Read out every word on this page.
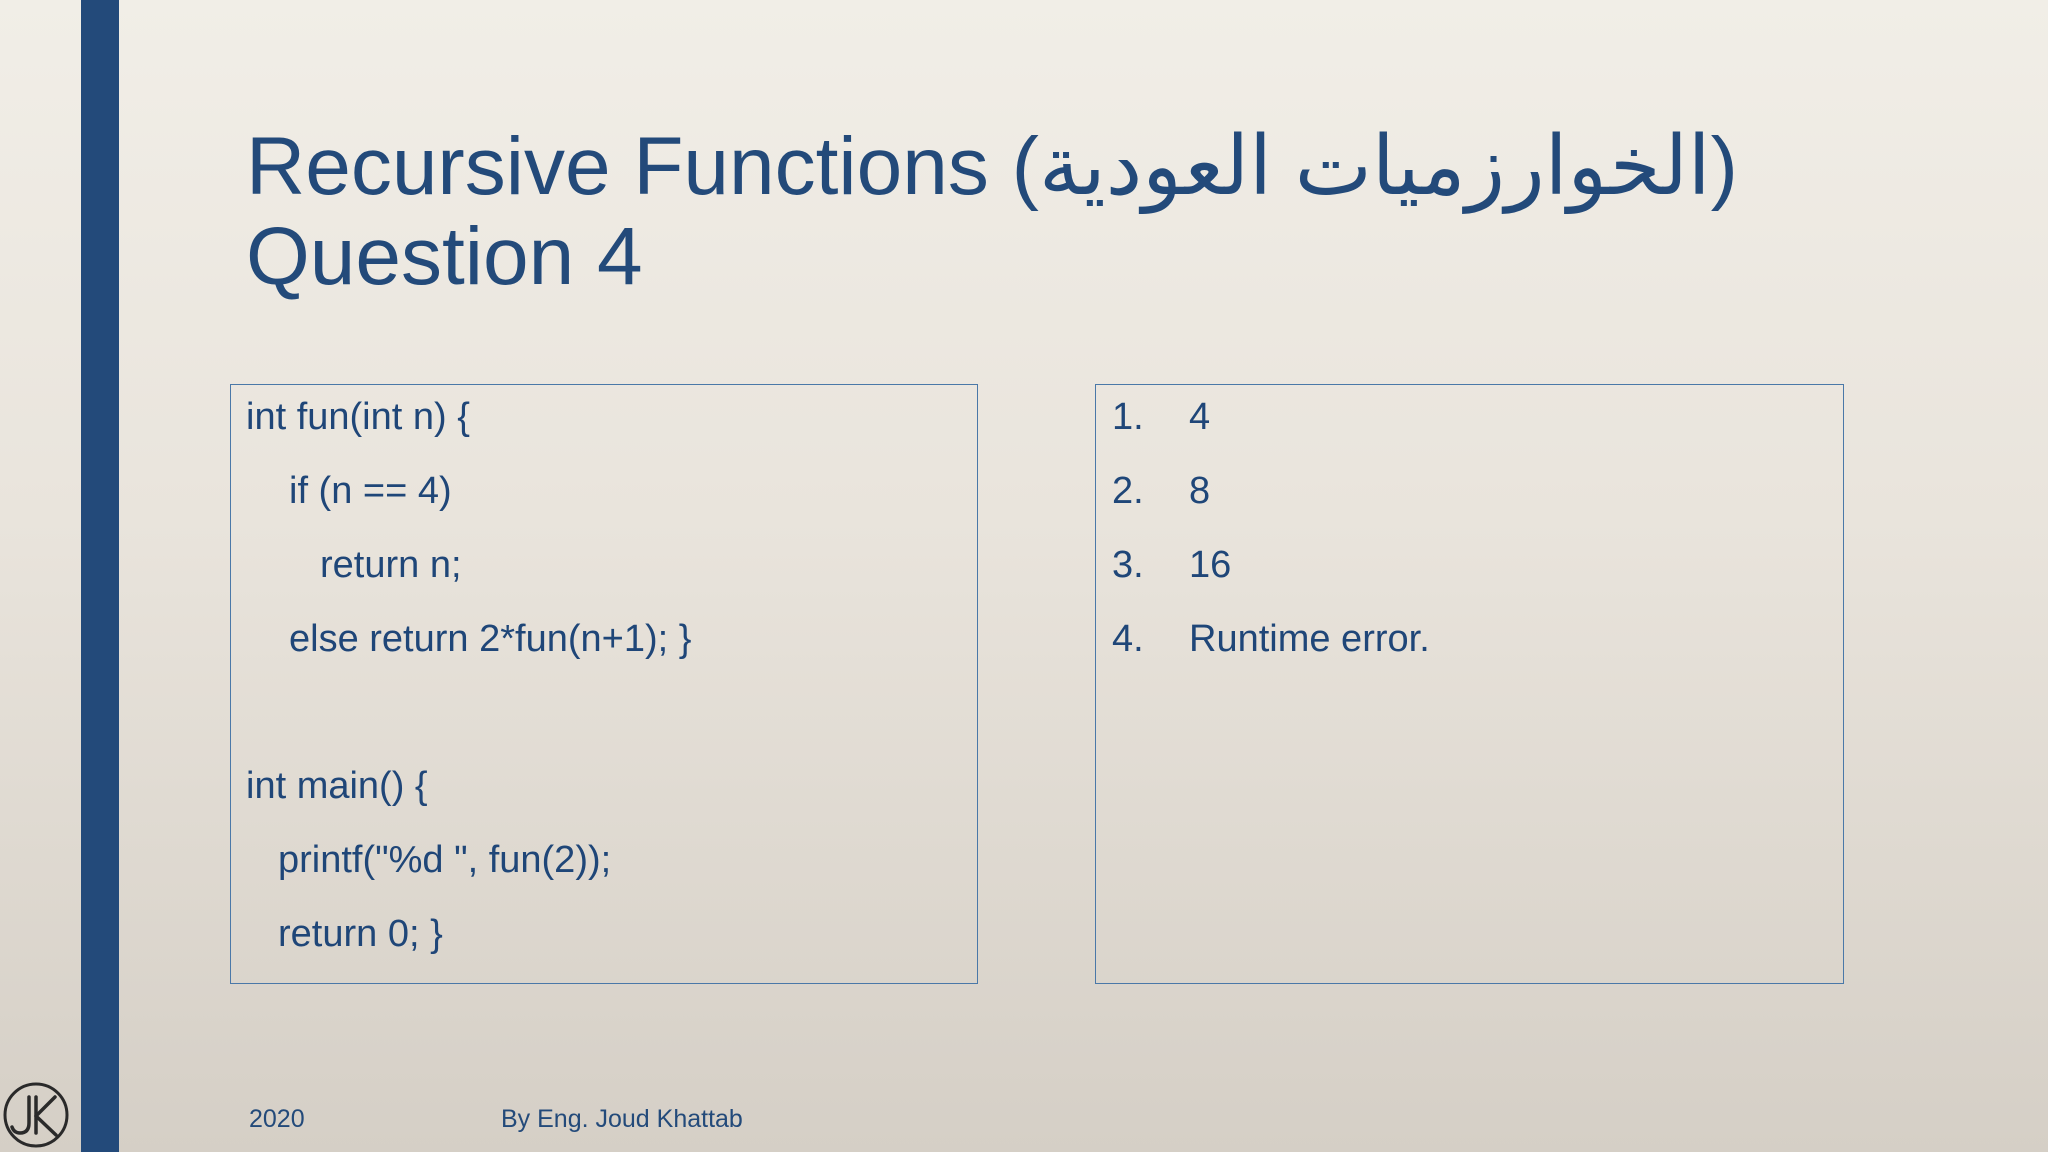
Recursive Functions (الخوارزميات العودية)
Question 4
int fun(int n) {
if (n == 4)
return n;
else return 2*fun(n+1); }
int main() {
printf("%d ", fun(2));
return 0; }
1. 4
2. 8
3. 16
4. Runtime error.
2020	By Eng. Joud Khattab
